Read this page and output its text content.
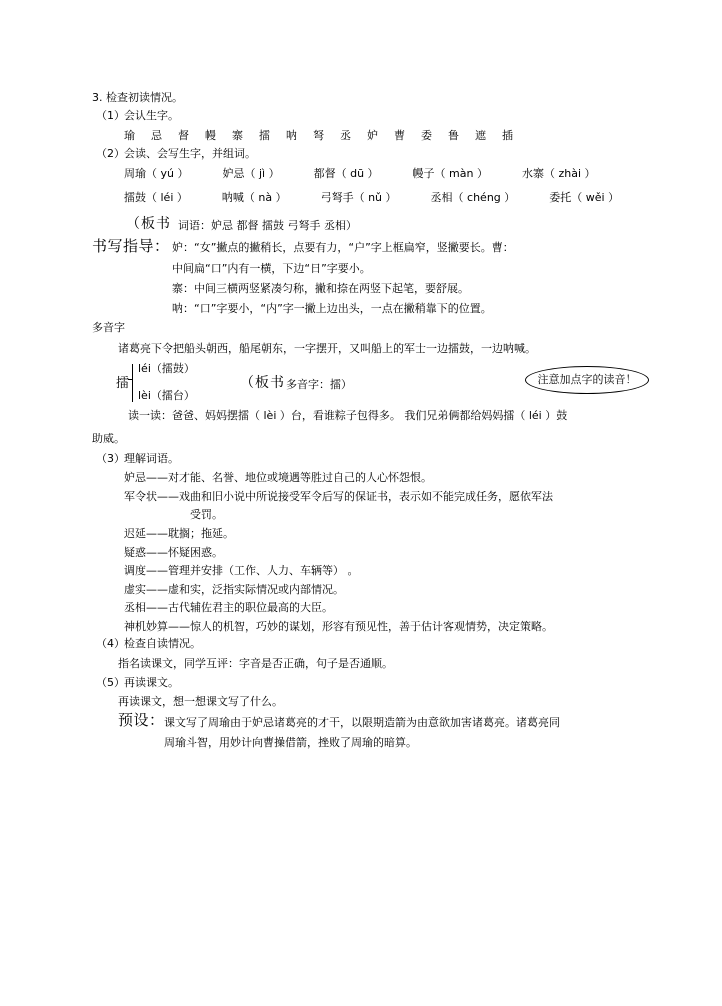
3. 检查初读情况。
（1） 会认生字。
瑜 忌 督 幔 寨 擂 呐 弩 丞 妒 曹 委 鲁 遮 插
（2） 会读、会写生字，并组词。
周瑜（ yú ）	妒忌（ jì ）	都督（ dū ）	幔子（ màn ）	水寨（ zhài ）
擂鼓（ léi ）	呐喊（ nà ）	弓弩手（ nǔ ）	丞相（ chéng ）	委托（ wěi ）
（板书 词语：妒忌 都督 擂鼓 弓弩手 丞相）
书写指导： 妒：“女”撇点的撇稍长，点要有力，“户”字上框扁窄，竖撇要长。曹：
中间扁“口”内有一横，下边“日”字要小。
寨：中间三横两竖紧凑匀称，撇和捺在两竖下起笔，要舒展。
呐：“口”字要小，“内”字一撇上边出头，一点在撇稍靠下的位置。
多音字
诸葛亮下令把船头朝西，船尾朝东，一字摆开，又叫船上的军士一边擂鼓，一边呐喊。
擂
léi（擂鼓）
lèi（擂台）
（板书 多音字：擂）	注意加点字的读音！
读一读：爸爸、妈妈摆擂（ lèi ）台，看谁粽子包得多。 我们兄弟俩都给妈妈擂（ léi ）鼓
助威。
（3） 理解词语。
妒忌——对才能、名誉、地位或境遇等胜过自己的人心怀怨恨。
军令状——戏曲和旧小说中所说接受军令后写的保证书，表示如不能完成任务，愿依军法
受罚。
迟延——耽搁；拖延。
疑惑——怀疑困惑。
调度——管理并安排（工作、人力、车辆等） 。
虚实——虚和实，泛指实际情况或内部情况。
丞相——古代辅佐君主的职位最高的大臣。
神机妙算——惊人的机智，巧妙的谋划，形容有预见性，善于估计客观情势，决定策略。
（4） 检查自读情况。
指名读课文，同学互评：字音是否正确，句子是否通顺。
（5） 再读课文。
再读课文，想一想课文写了什么。
预设： 课文写了周瑜由于妒忌诸葛亮的才干，以限期造箭为由意欲加害诸葛亮。诸葛亮同
周瑜斗智，用妙计向曹操借箭，挫败了周瑜的暗算。
